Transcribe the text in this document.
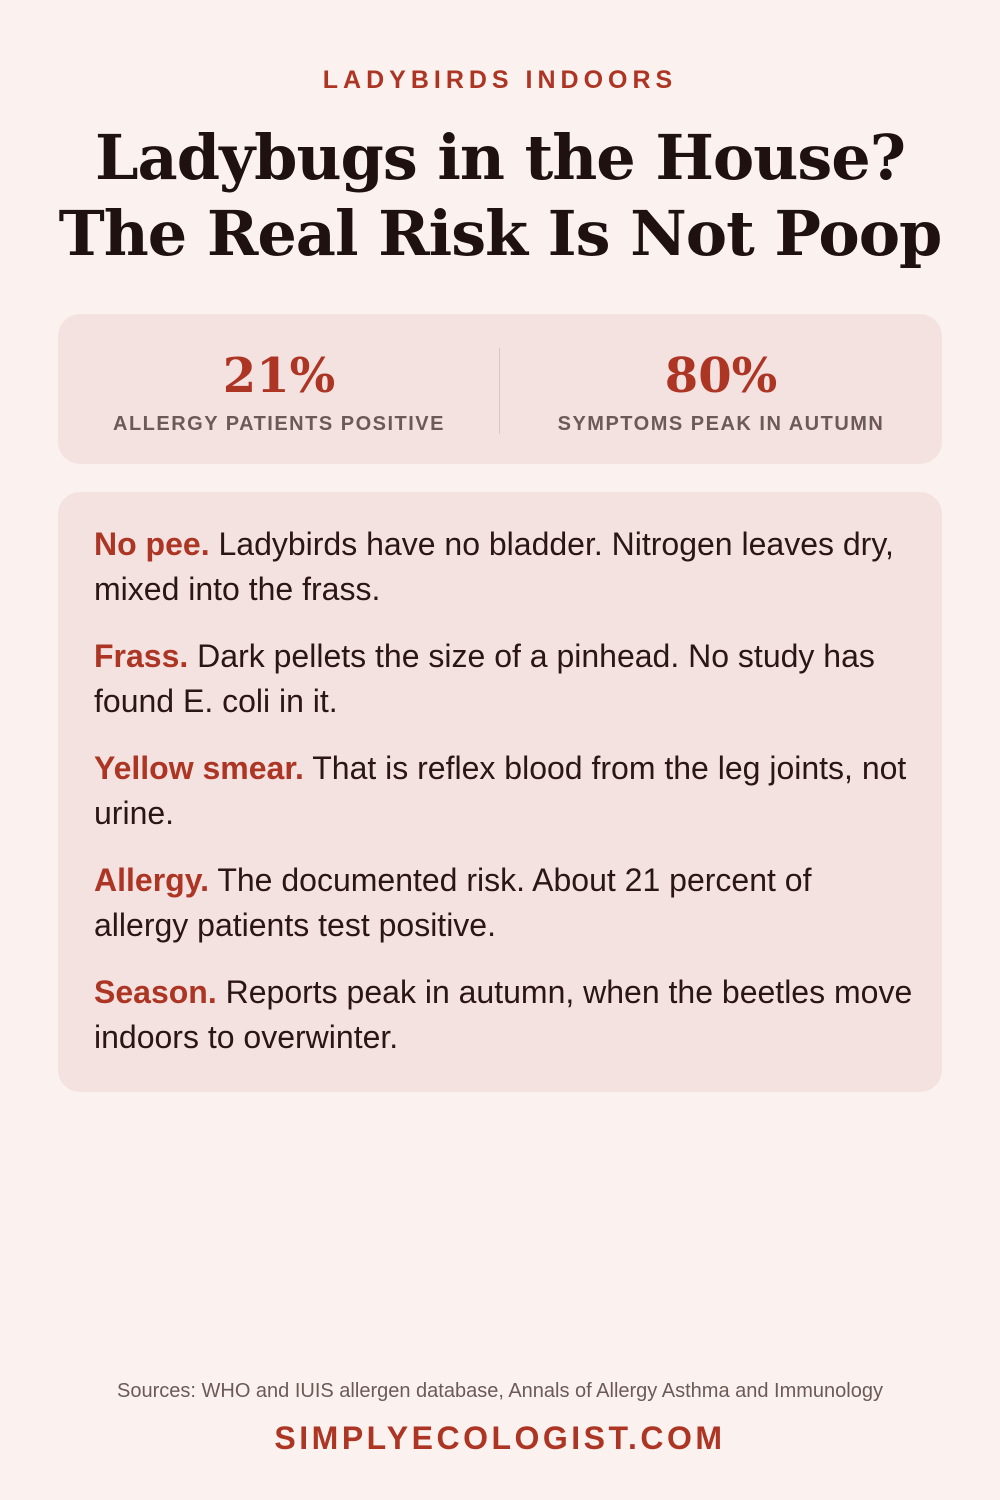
LADYBIRDS INDOORS
Ladybugs in the House?
The Real Risk Is Not Poop
21%
ALLERGY PATIENTS POSITIVE
80%
SYMPTOMS PEAK IN AUTUMN
No pee. Ladybirds have no bladder. Nitrogen leaves dry, mixed into the frass.
Frass. Dark pellets the size of a pinhead. No study has found E. coli in it.
Yellow smear. That is reflex blood from the leg joints, not urine.
Allergy. The documented risk. About 21 percent of allergy patients test positive.
Season. Reports peak in autumn, when the beetles move indoors to overwinter.
Sources: WHO and IUIS allergen database, Annals of Allergy Asthma and Immunology
SIMPLYECOLOGIST.COM
